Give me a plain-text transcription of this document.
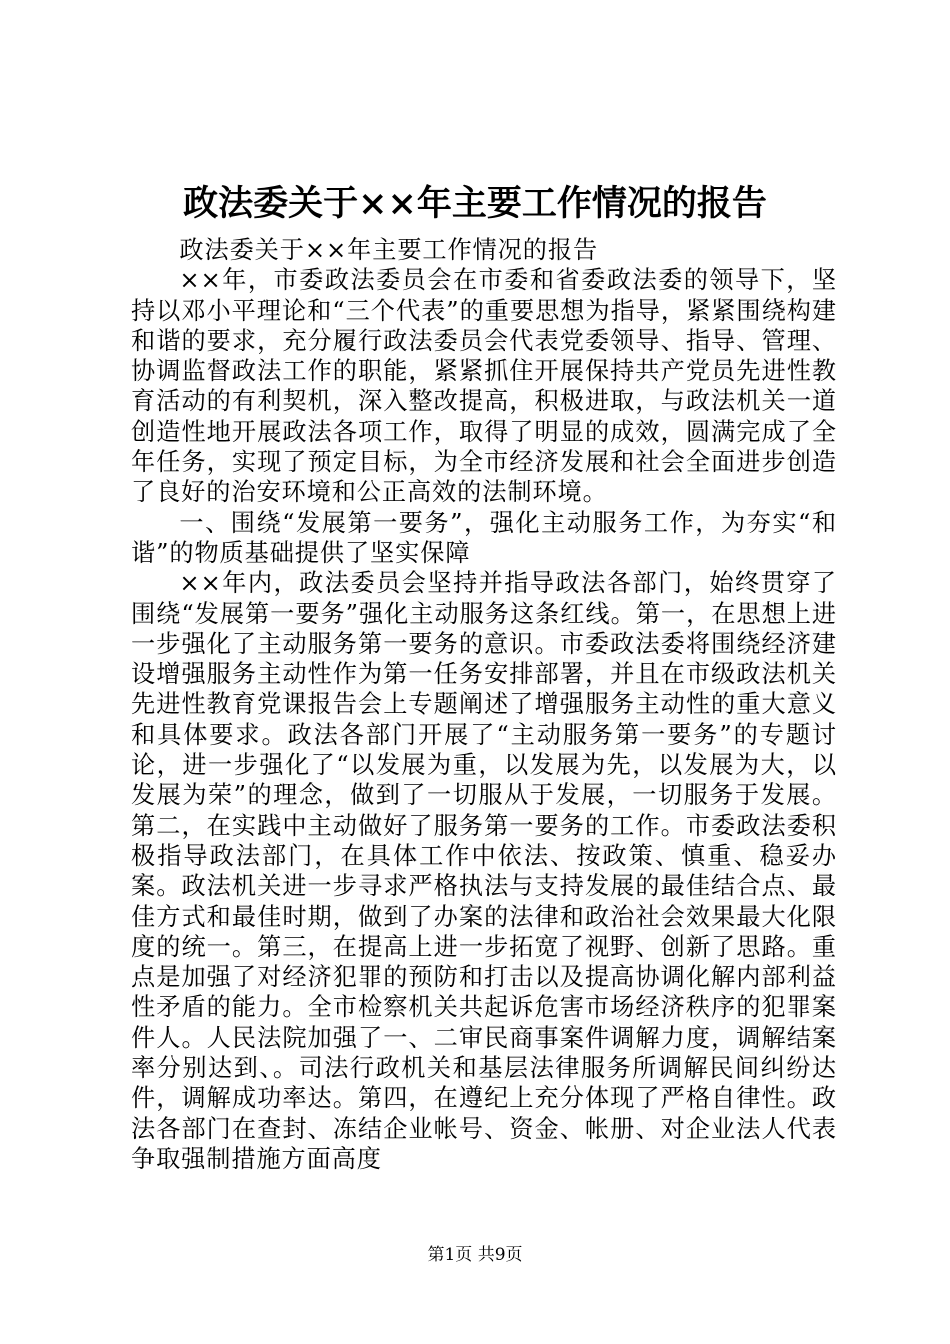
政法委关于××年主要工作情况的报告

政法委关于××年主要工作情况的报告

××年，市委政法委员会在市委和省委政法委的领导下，坚持以邓小平理论和“三个代表”的重要思想为指导，紧紧围绕构建和谐的要求，充分履行政法委员会代表党委领导、指导、管理、协调监督政法工作的职能，紧紧抓住开展保持共产党员先进性教育活动的有利契机，深入整改提高，积极进取，与政法机关一道创造性地开展政法各项工作，取得了明显的成效，圆满完成了全年任务，实现了预定目标，为全市经济发展和社会全面进步创造了良好的治安环境和公正高效的法制环境。

一、围绕“发展第一要务”，强化主动服务工作，为夯实“和谐”的物质基础提供了坚实保障

××年内，政法委员会坚持并指导政法各部门，始终贯穿了围绕“发展第一要务”强化主动服务这条红线。第一，在思想上进一步强化了主动服务第一要务的意识。市委政法委将围绕经济建设增强服务主动性作为第一任务安排部署，并且在市级政法机关先进性教育党课报告会上专题阐述了增强服务主动性的重大意义和具体要求。政法各部门开展了“主动服务第一要务”的专题讨论，进一步强化了“以发展为重，以发展为先，以发展为大，以发展为荣”的理念，做到了一切服从于发展，一切服务于发展。第二，在实践中主动做好了服务第一要务的工作。市委政法委积极指导政法部门，在具体工作中依法、按政策、慎重、稳妥办案。政法机关进一步寻求严格执法与支持发展的最佳结合点、最佳方式和最佳时期，做到了办案的法律和政治社会效果最大化限度的统一。第三，在提高上进一步拓宽了视野、创新了思路。重点是加强了对经济犯罪的预防和打击以及提高协调化解内部利益性矛盾的能力。全市检察机关共起诉危害市场经济秩序的犯罪案件人。人民法院加强了一、二审民商事案件调解力度，调解结案率分别达到、。司法行政机关和基层法律服务所调解民间纠纷达件，调解成功率达。第四，在遵纪上充分体现了严格自律性。政法各部门在查封、冻结企业帐号、资金、帐册、对企业法人代表争取强制措施方面高度

第1页 共9页
